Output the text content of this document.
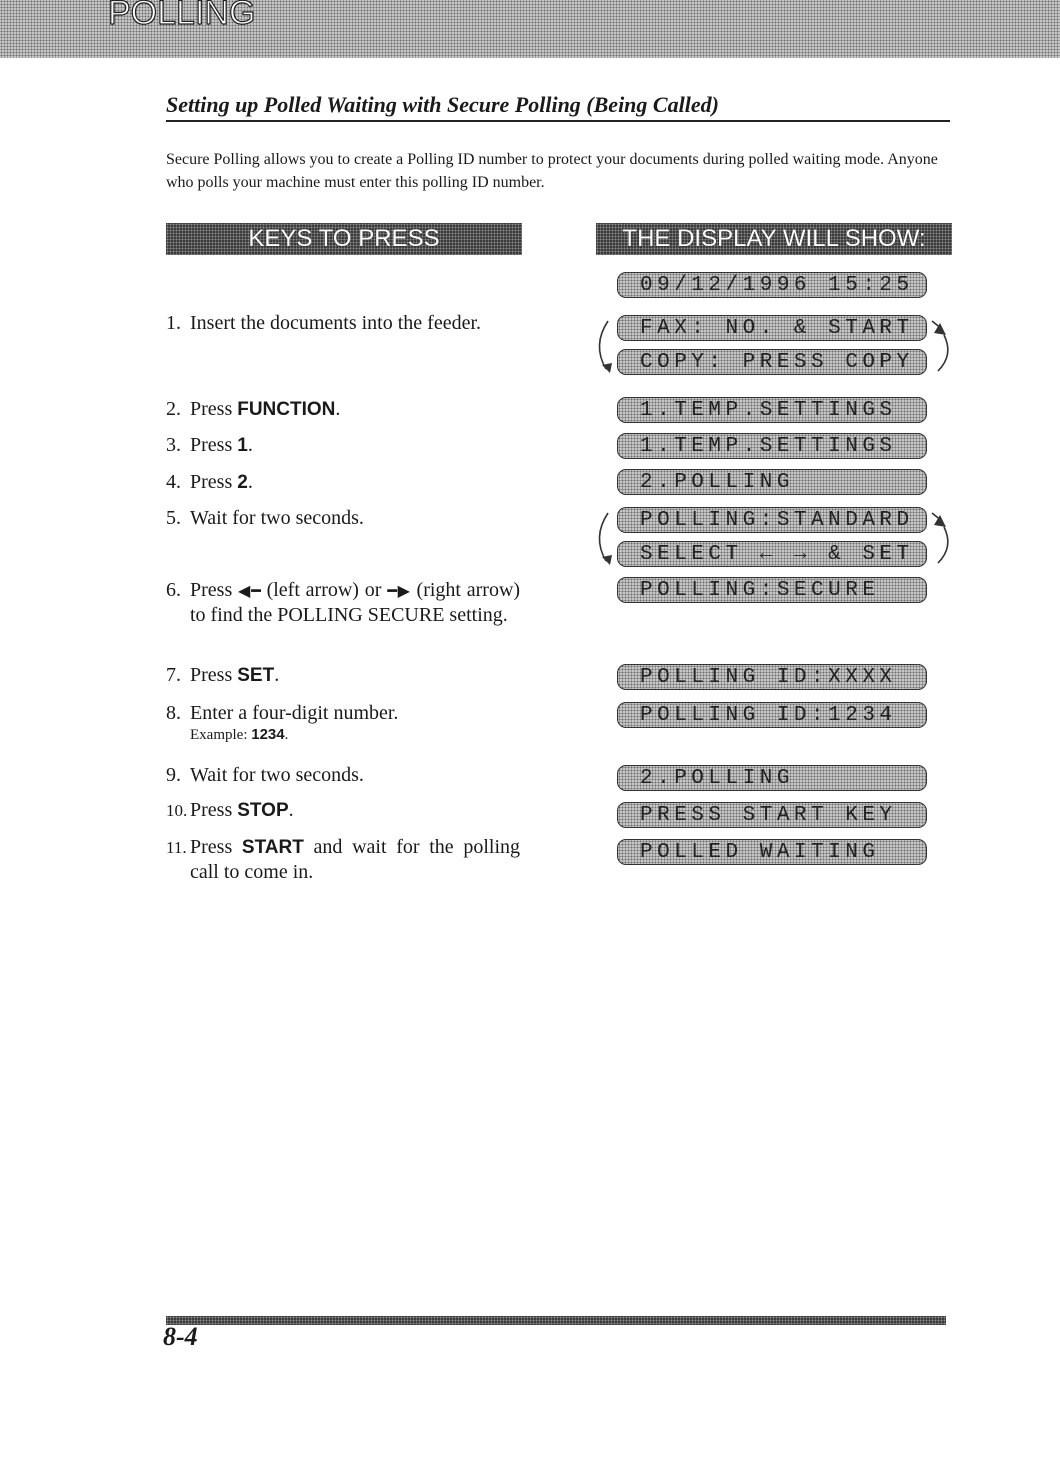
POLLING
Setting up Polled Waiting with Secure Polling (Being Called)
Secure Polling allows you to create a Polling ID number to protect your documents during polled waiting mode. Anyone who polls your machine must enter this polling ID number.
KEYS TO PRESS	THE DISPLAY WILL SHOW:
1. Insert the documents into the feeder.
2. Press FUNCTION.
3. Press 1.
4. Press 2.
5. Wait for two seconds.
6. Press ◀━ (left arrow) or ━▶ (right arrow) to find the POLLING SECURE setting.
7. Press SET.
8. Enter a four-digit number.
Example: 1234.
9. Wait for two seconds.
10. Press STOP.
11. Press START and wait for the polling call to come in.
09/12/1996 15:25
FAX: NO. & START
COPY: PRESS COPY
1.TEMP.SETTINGS
1.TEMP.SETTINGS
2.POLLING
POLLING:STANDARD
SELECT ← → & SET
POLLING:SECURE
POLLING ID:XXXX
POLLING ID:1234
2.POLLING
PRESS START KEY
POLLED WAITING
8-4
